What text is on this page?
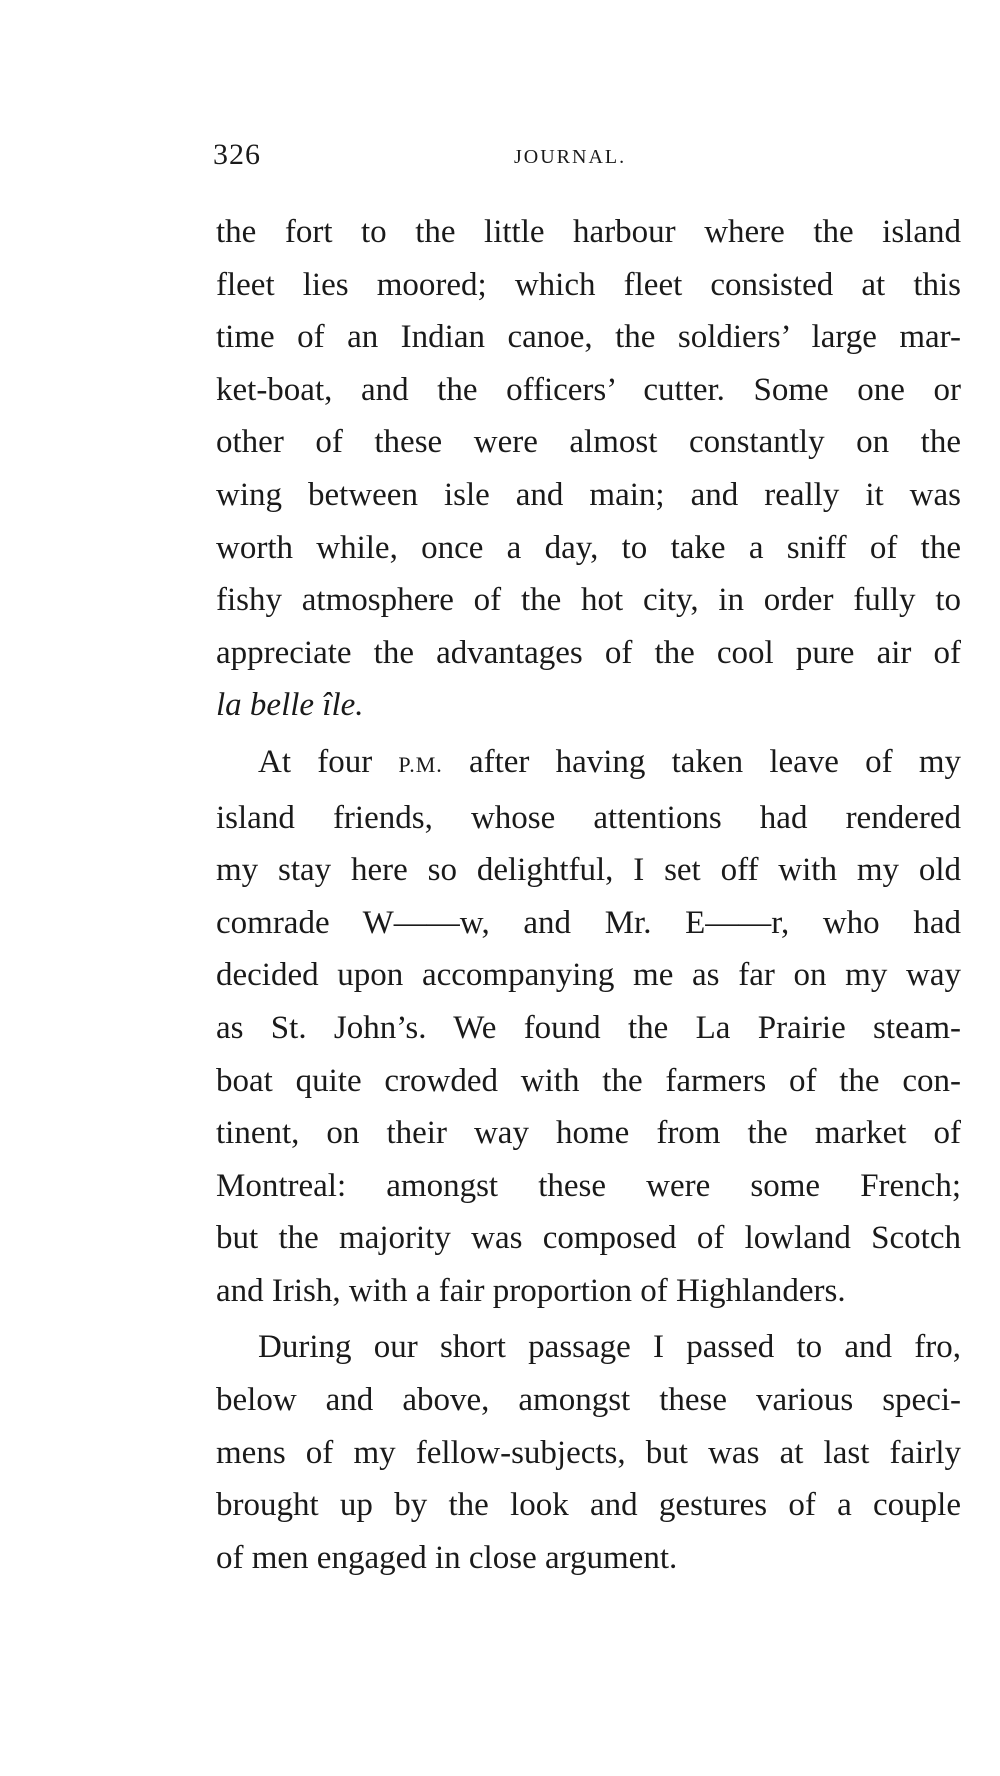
326	JOURNAL.
the fort to the little harbour where the island
fleet lies moored; which fleet consisted at this
time of an Indian canoe, the soldiers’ large mar-
ket-boat, and the officers’ cutter. Some one or
other of these were almost constantly on the
wing between isle and main; and really it was
worth while, once a day, to take a sniff of the
fishy atmosphere of the hot city, in order fully to
appreciate the advantages of the cool pure air of
la belle île.
At four P.M. after having taken leave of my
island friends, whose attentions had rendered
my stay here so delightful, I set off with my old
comrade W——w, and Mr. E——r, who had
decided upon accompanying me as far on my way
as St. John’s. We found the La Prairie steam-
boat quite crowded with the farmers of the con-
tinent, on their way home from the market of
Montreal: amongst these were some French;
but the majority was composed of lowland Scotch
and Irish, with a fair proportion of Highlanders.
During our short passage I passed to and fro,
below and above, amongst these various speci-
mens of my fellow-subjects, but was at last fairly
brought up by the look and gestures of a couple
of men engaged in close argument.
